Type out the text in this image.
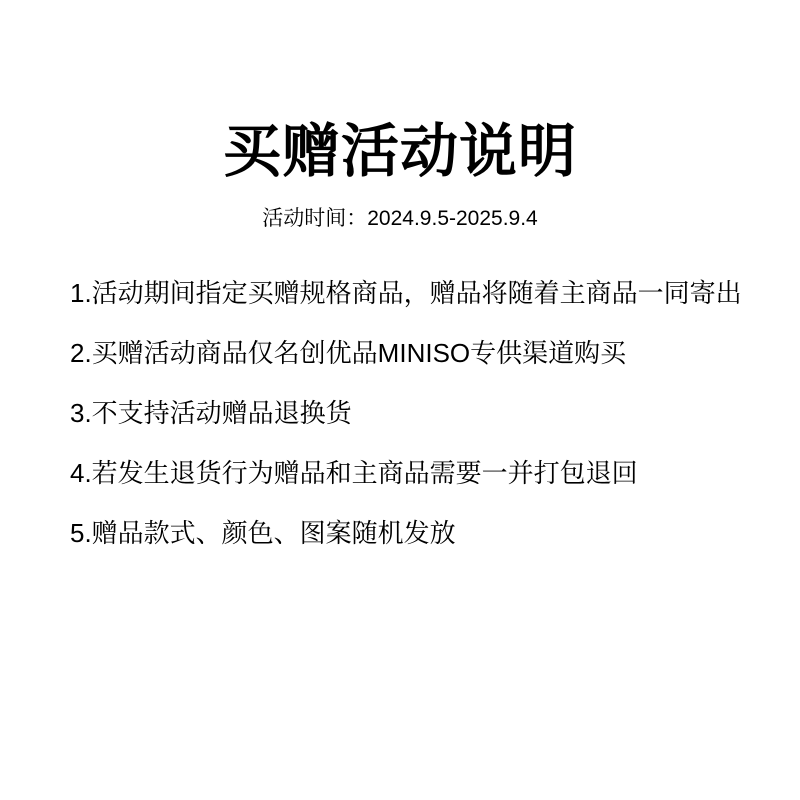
买赠活动说明
活动时间：2024.9.5-2025.9.4
1.活动期间指定买赠规格商品，赠品将随着主商品一同寄出
2.买赠活动商品仅名创优品MINISO专供渠道购买
3.不支持活动赠品退换货
4.若发生退货行为赠品和主商品需要一并打包退回
5.赠品款式、颜色、图案随机发放
